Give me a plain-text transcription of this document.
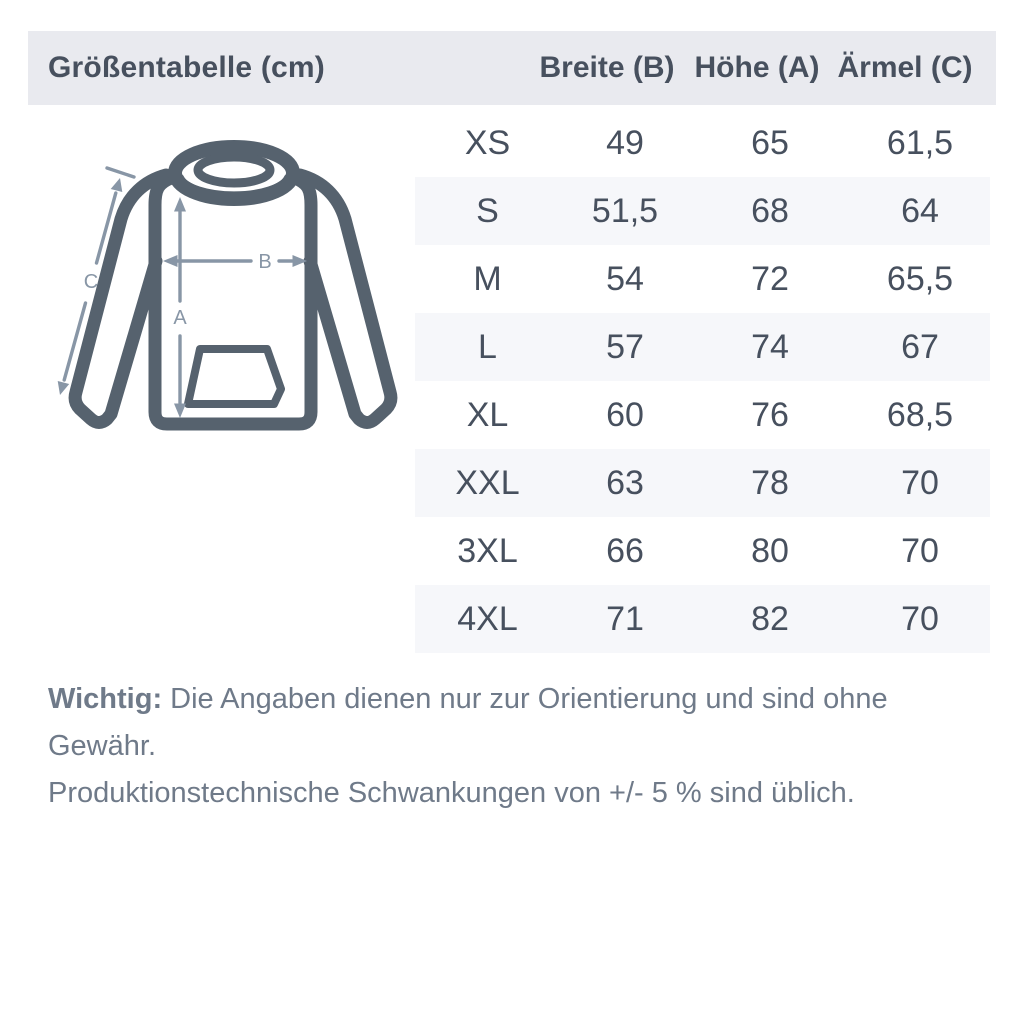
Größentabelle (cm)	Breite (B) Höhe (A) Ärmel (C)
A
B
C
XS	49	65	61,5
S	51,5	68	64
M	54	72	65,5
L	57	74	67
XL	60	76	68,5
XXL	63	78	70
3XL	66	80	70
4XL	71	82	70

Wichtig: Die Angaben dienen nur zur Orientierung und sind ohne Gewähr.
Produktionstechnische Schwankungen von +/- 5 % sind üblich.
